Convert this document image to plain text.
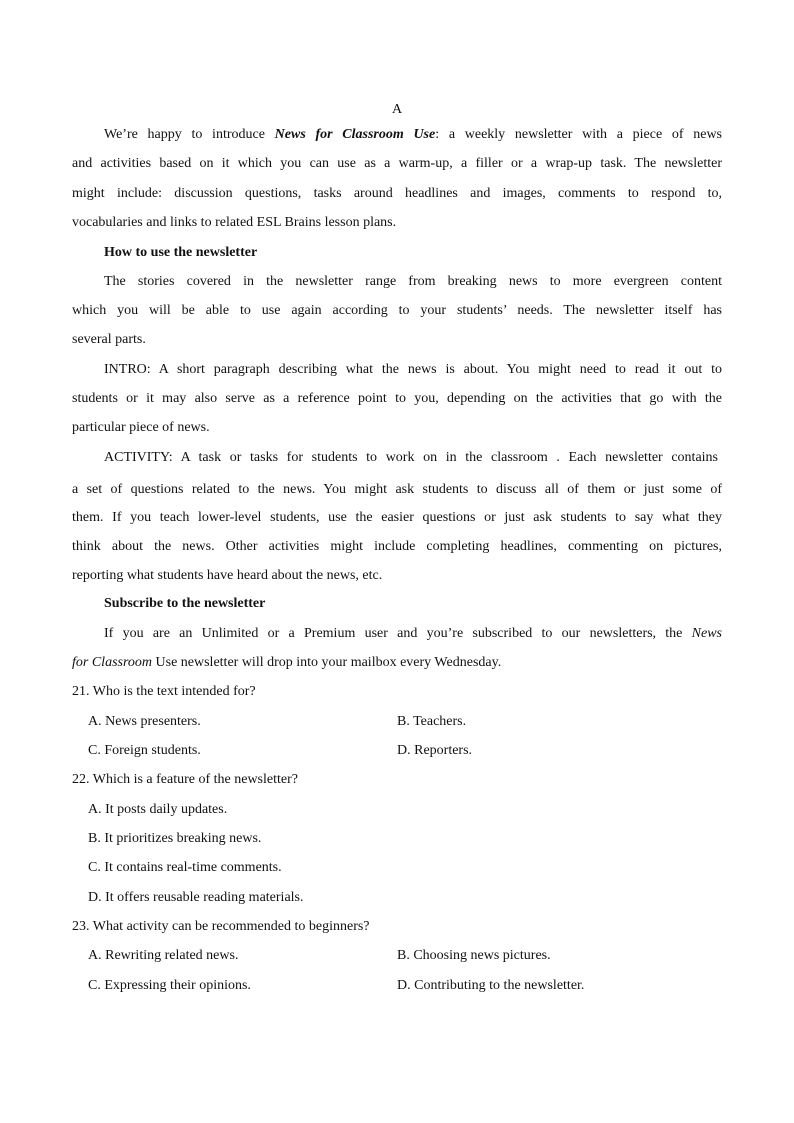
A
We’re happy to introduce News for Classroom Use: a weekly newsletter with a piece of news
and activities based on it which you can use as a warm-up, a filler or a wrap-up task. The newsletter
might include: discussion questions, tasks around headlines and images, comments to respond to,
vocabularies and links to related ESL Brains lesson plans.
How to use the newsletter
The stories covered in the newsletter range from breaking news to more evergreen content
which you will be able to use again according to your students’ needs. The newsletter itself has
several parts.
INTRO: A short paragraph describing what the news is about. You might need to read it out to
students or it may also serve as a reference point to you, depending on the activities that go with the
particular piece of news.
ACTIVITY: A task or tasks for students to work on in the classroom . Each newsletter contains
a set of questions related to the news. You might ask students to discuss all of them or just some of
them. If you teach lower-level students, use the easier questions or just ask students to say what they
think about the news. Other activities might include completing headlines, commenting on pictures,
reporting what students have heard about the news, etc.
Subscribe to the newsletter
If you are an Unlimited or a Premium user and you’re subscribed to our newsletters, the News
for Classroom Use newsletter will drop into your mailbox every Wednesday.
21. Who is the text intended for?
A. News presenters.	B. Teachers.
C. Foreign students.	D. Reporters.
22. Which is a feature of the newsletter?
A. It posts daily updates.
B. It prioritizes breaking news.
C. It contains real-time comments.
D. It offers reusable reading materials.
23. What activity can be recommended to beginners?
A. Rewriting related news.	B. Choosing news pictures.
C. Expressing their opinions.	D. Contributing to the newsletter.
